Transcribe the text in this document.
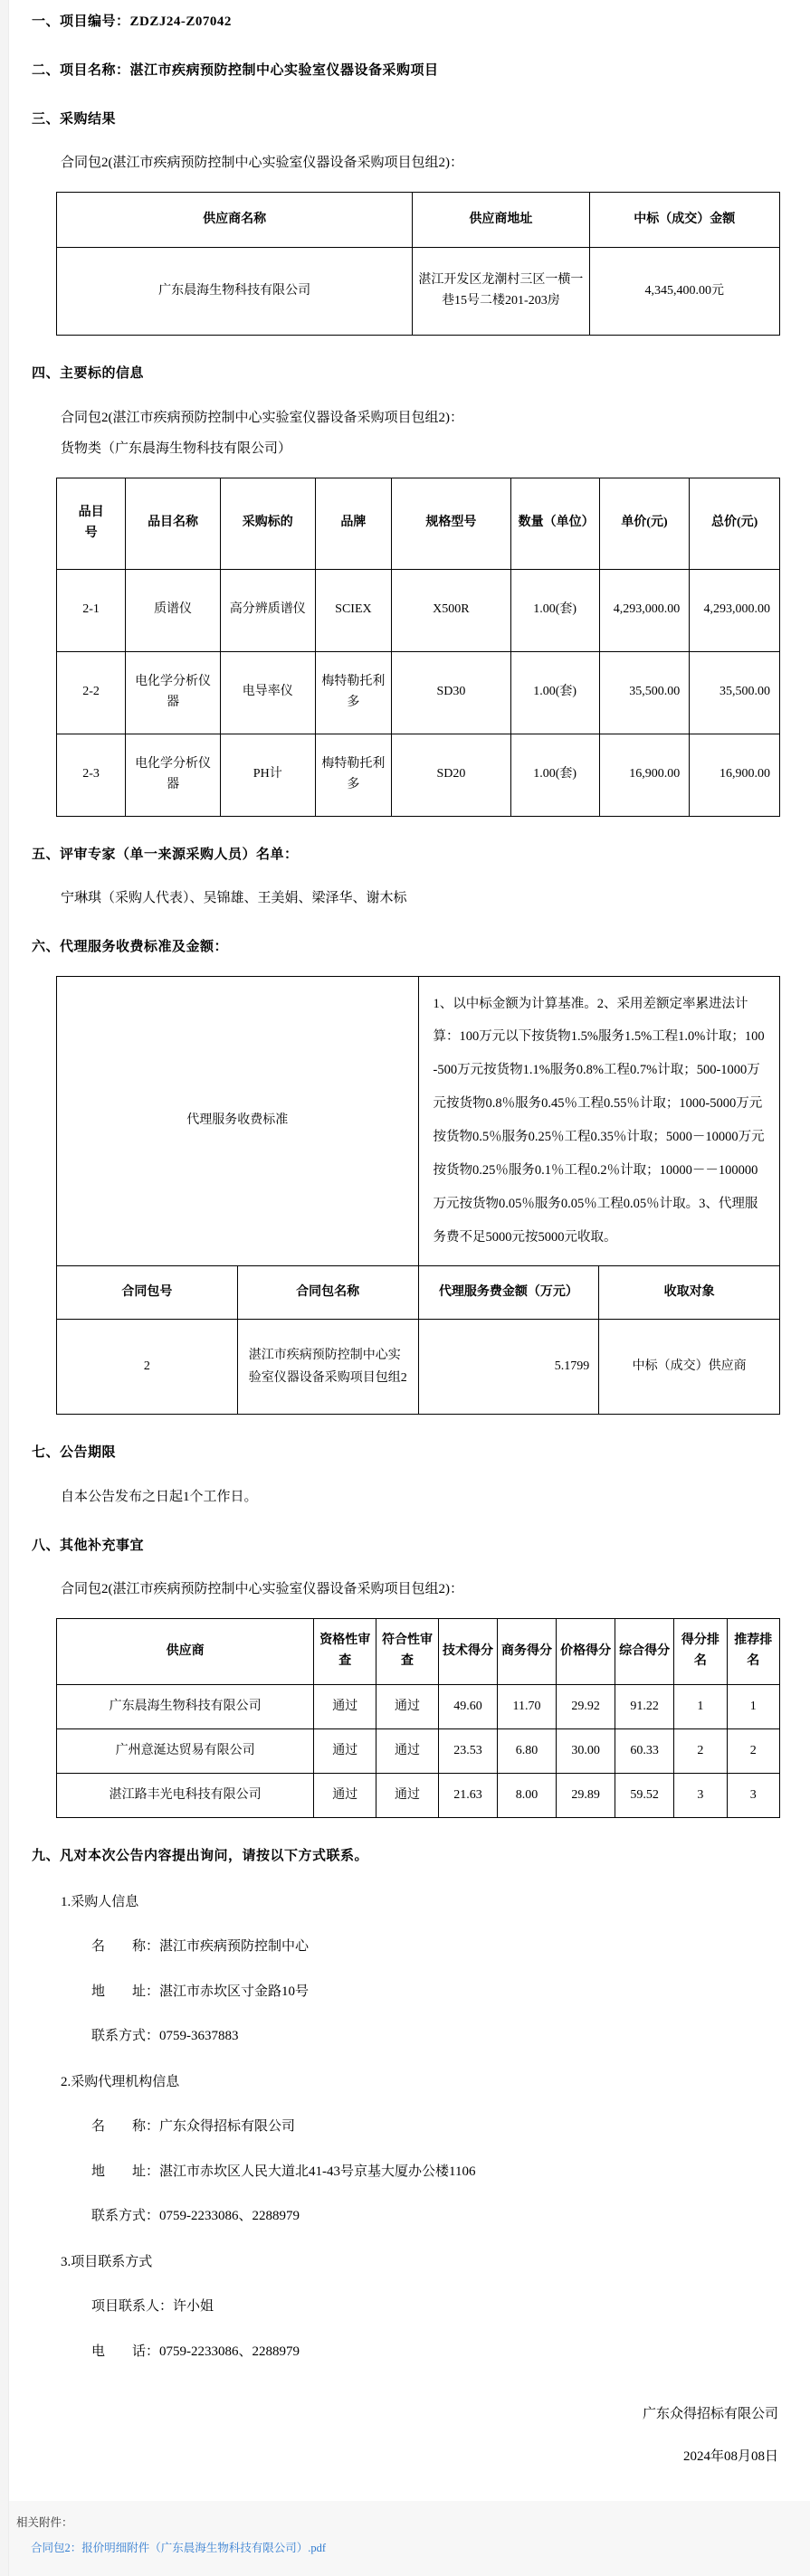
一、项目编号：ZDZJ24-Z07042
二、项目名称：湛江市疾病预防控制中心实验室仪器设备采购项目
三、采购结果
合同包2(湛江市疾病预防控制中心实验室仪器设备采购项目包组2)：
供应商名称	供应商地址	中标（成交）金额
广东晨海生物科技有限公司	湛江开发区龙潮村三区一横一巷15号二楼201-203房	4,345,400.00元
四、主要标的信息
合同包2(湛江市疾病预防控制中心实验室仪器设备采购项目包组2)：
货物类（广东晨海生物科技有限公司）
品目号	品目名称	采购标的	品牌	规格型号	数量（单位）	单价(元)	总价(元)
2-1	质谱仪	高分辨质谱仪	SCIEX	X500R	1.00(套)	4,293,000.00	4,293,000.00
2-2	电化学分析仪器	电导率仪	梅特勒托利多	SD30	1.00(套)	35,500.00	35,500.00
2-3	电化学分析仪器	PH计	梅特勒托利多	SD20	1.00(套)	16,900.00	16,900.00
五、评审专家（单一来源采购人员）名单：
宁琳琪（采购人代表）、吴锦雄、王美娟、梁泽华、谢木标
六、代理服务收费标准及金额：
代理服务收费标准		1、以中标金额为计算基准。2、采用差额定率累进法计算：100万元以下按货物1.5%服务1.5%工程1.0%计取；100-500万元按货物1.1%服务0.8%工程0.7%计取；500-1000万元按货物0.8％服务0.45％工程0.55％计取；1000-5000万元按货物0.5％服务0.25％工程0.35％计取；5000－10000万元按货物0.25％服务0.1％工程0.2％计取；10000－－100000万元按货物0.05％服务0.05％工程0.05％计取。3、代理服务费不足5000元按5000元收取。	
合同包号	合同包名称	代理服务费金额（万元）	收取对象
2	湛江市疾病预防控制中心实验室仪器设备采购项目包组2	5.1799	中标（成交）供应商
七、公告期限
自本公告发布之日起1个工作日。
八、其他补充事宜
合同包2(湛江市疾病预防控制中心实验室仪器设备采购项目包组2)：
供应商	资格性审查	符合性审查	技术得分	商务得分	价格得分	综合得分	得分排名	推荐排名
广东晨海生物科技有限公司	通过	通过	49.60	11.70	29.92	91.22	1	1
广州意涎达贸易有限公司	通过	通过	23.53	6.80	30.00	60.33	2	2
湛江路丰光电科技有限公司	通过	通过	21.63	8.00	29.89	59.52	3	3
九、凡对本次公告内容提出询问，请按以下方式联系。
1.采购人信息
名　　称：湛江市疾病预防控制中心
地　　址：湛江市赤坎区寸金路10号
联系方式：0759-3637883
2.采购代理机构信息
名　　称：广东众得招标有限公司
地　　址：湛江市赤坎区人民大道北41-43号京基大厦办公楼1106
联系方式：0759-2233086、2288979
3.项目联系方式
项目联系人：许小姐
电　　话：0759-2233086、2288979
广东众得招标有限公司
2024年08月08日
相关附件：
合同包2：报价明细附件（广东晨海生物科技有限公司）.pdf
